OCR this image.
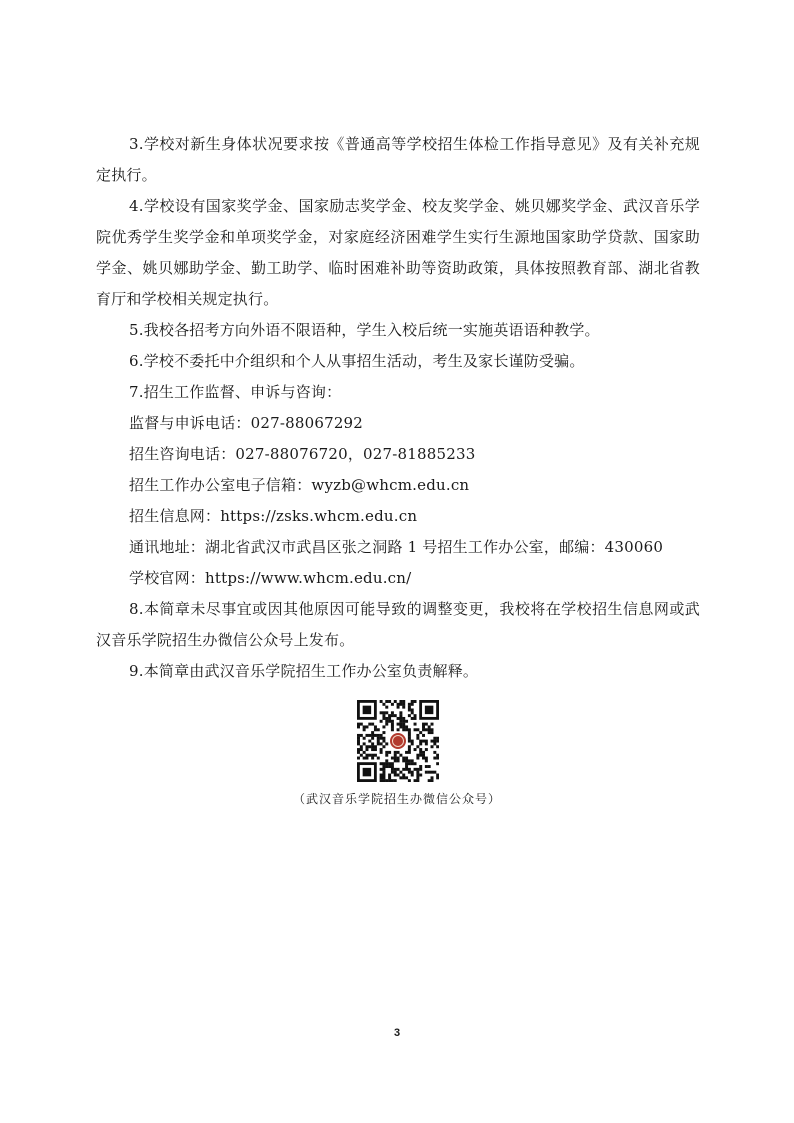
3.学校对新生身体状况要求按《普通高等学校招生体检工作指导意见》及有关补充规定执行。

4.学校设有国家奖学金、国家励志奖学金、校友奖学金、姚贝娜奖学金、武汉音乐学院优秀学生奖学金和单项奖学金，对家庭经济困难学生实行生源地国家助学贷款、国家助学金、姚贝娜助学金、勤工助学、临时困难补助等资助政策，具体按照教育部、湖北省教育厅和学校相关规定执行。

5.我校各招考方向外语不限语种，学生入校后统一实施英语语种教学。

6.学校不委托中介组织和个人从事招生活动，考生及家长谨防受骗。

7.招生工作监督、申诉与咨询：

监督与申诉电话：027-88067292

招生咨询电话：027-88076720，027-81885233

招生工作办公室电子信箱：wyzb@whcm.edu.cn

招生信息网：https://zsks.whcm.edu.cn

通讯地址：湖北省武汉市武昌区张之洞路 1 号招生工作办公室，邮编：430060

学校官网：https://www.whcm.edu.cn/

8.本简章未尽事宜或因其他原因可能导致的调整变更，我校将在学校招生信息网或武汉音乐学院招生办微信公众号上发布。

9.本简章由武汉音乐学院招生工作办公室负责解释。

（武汉音乐学院招生办微信公众号）
3
